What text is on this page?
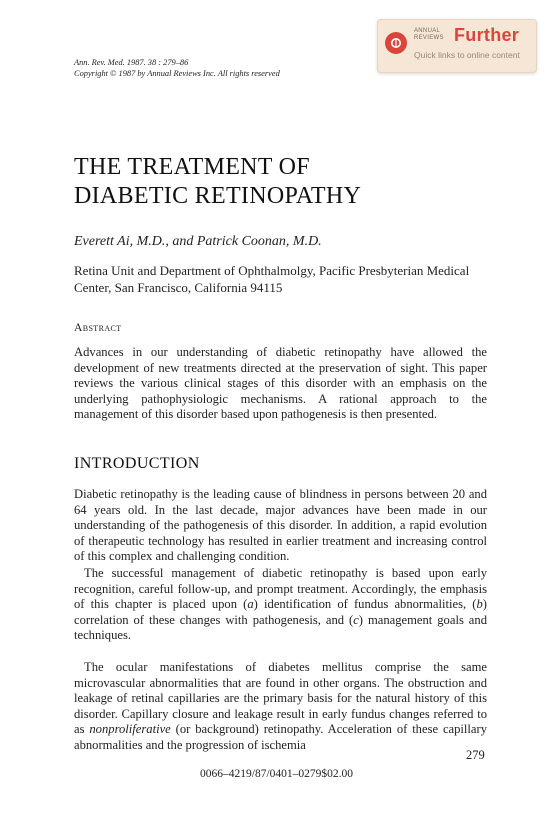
Ann. Rev. Med. 1987. 38 : 279–86
Copyright © 1987 by Annual Reviews Inc. All rights reserved
ANNUAL
REVIEWS Further
Quick links to online content
THE TREATMENT OF
DIABETIC RETINOPATHY
Everett Ai, M.D., and Patrick Coonan, M.D.
Retina Unit and Department of Ophthalmolgy, Pacific Presbyterian Medical Center, San Francisco, California 94115
Abstract
Advances in our understanding of diabetic retinopathy have allowed the development of new treatments directed at the preservation of sight. This paper reviews the various clinical stages of this disorder with an emphasis on the underlying pathophysiologic mechanisms. A rational approach to the management of this disorder based upon pathogenesis is then presented.
INTRODUCTION
Diabetic retinopathy is the leading cause of blindness in persons between 20 and 64 years old. In the last decade, major advances have been made in our understanding of the pathogenesis of this disorder. In addition, a rapid evolution of therapeutic technology has resulted in earlier treatment and increasing control of this complex and challenging condition.
The successful management of diabetic retinopathy is based upon early recognition, careful follow-up, and prompt treatment. Accordingly, the emphasis of this chapter is placed upon (a) identification of fundus abnormalities, (b) correlation of these changes with pathogenesis, and (c) management goals and techniques.
The ocular manifestations of diabetes mellitus comprise the same microvascular abnormalities that are found in other organs. The obstruction and leakage of retinal capillaries are the primary basis for the natural history of this disorder. Capillary closure and leakage result in early fundus changes referred to as nonproliferative (or background) retinopathy. Acceleration of these capillary abnormalities and the progression of ischemia
279
0066–4219/87/0401–0279$02.00
